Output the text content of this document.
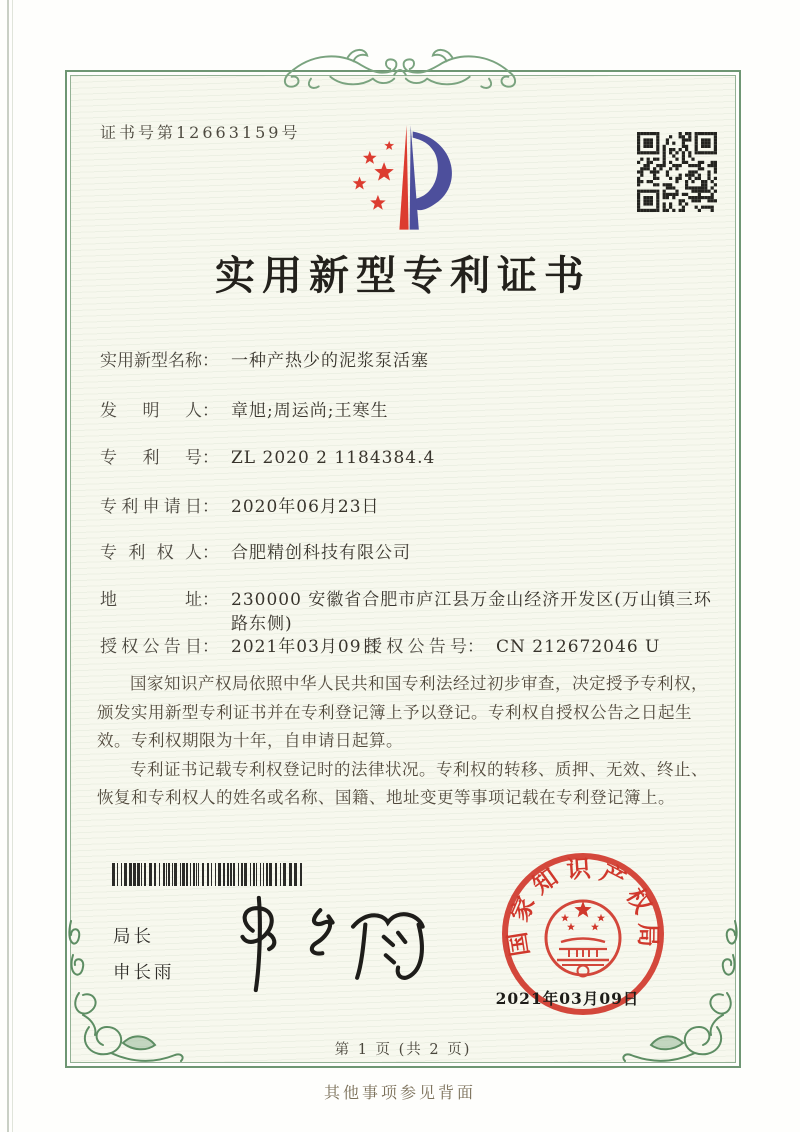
证书号第12663159号
实用新型专利证书
实用新型名称 ： 一种产热少的泥浆泵活塞
发明人 ： 章旭;周运尚;王寒生
专利号 ： ZL 2020 2 1184384.4
专利申请日 ： 2020年06月23日
专利权人 ： 合肥精创科技有限公司
地址 ： 230000 安徽省合肥市庐江县万金山经济开发区(万山镇三环路东侧)
授权公告日 ： 2021年03月09日
授权公告号 ： CN 212672046 U

国家知识产权局依照中华人民共和国专利法经过初步审查，决定授予专利权，颁发实用新型专利证书并在专利登记簿上予以登记。专利权自授权公告之日起生效。专利权期限为十年，自申请日起算。

专利证书记载专利权登记时的法律状况。专利权的转移、质押、无效、终止、恢复和专利权人的姓名或名称、国籍、地址变更等事项记载在专利登记簿上。

局长
申长雨
国家知识产权局
2021年03月09日
第 1 页 (共 2 页)
其他事项参见背面
